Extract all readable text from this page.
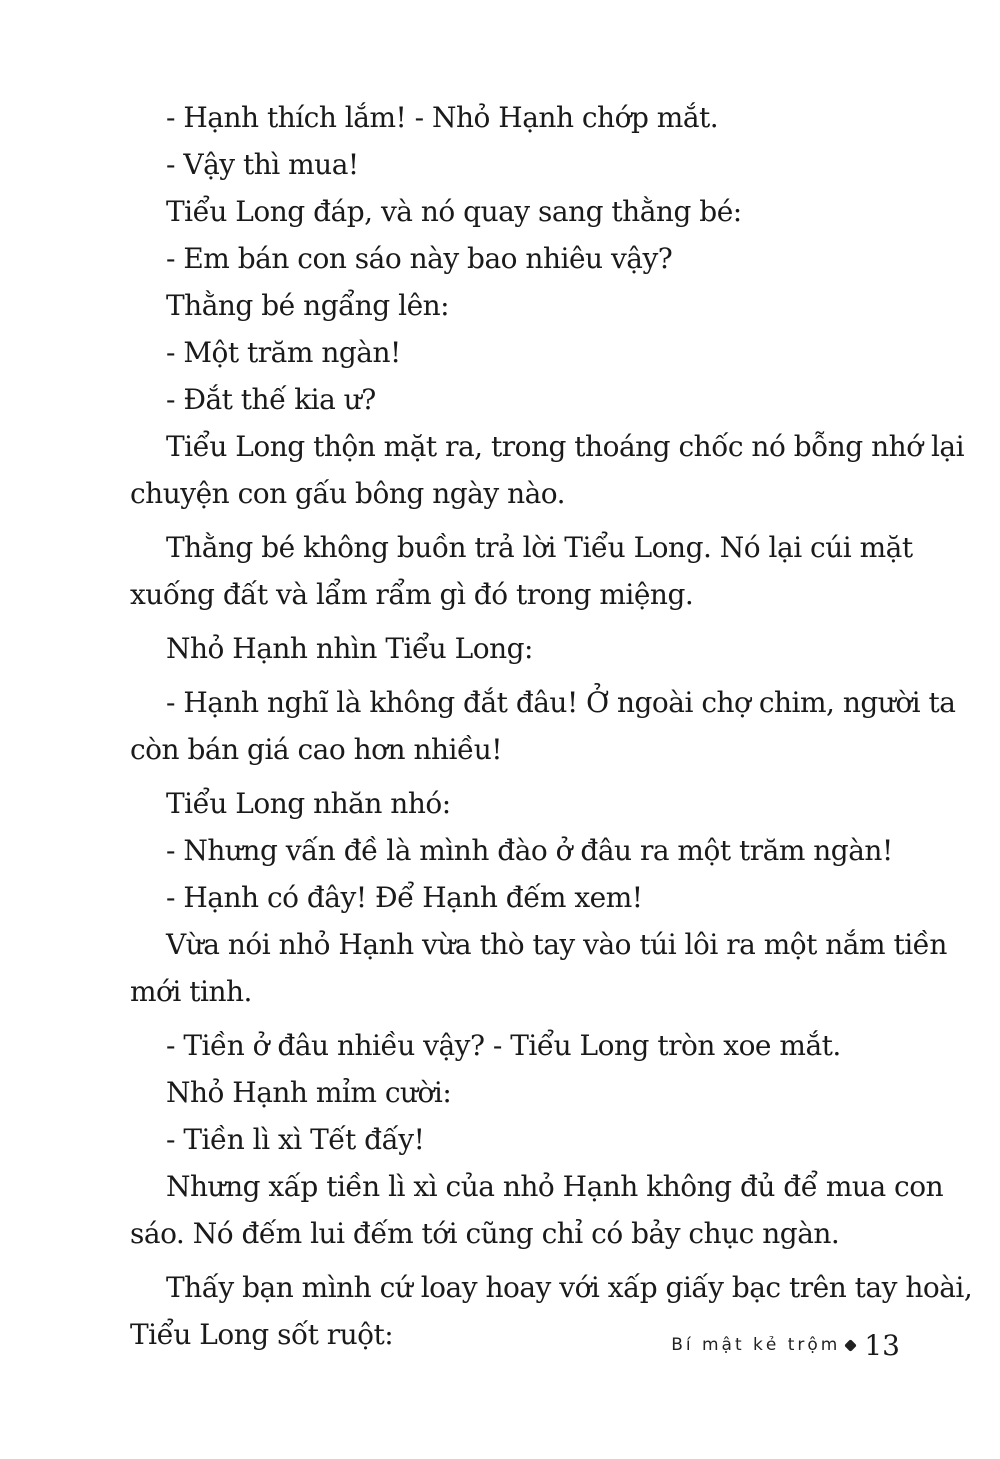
- Hạnh thích lắm! - Nhỏ Hạnh chớp mắt.
- Vậy thì mua!
Tiểu Long đáp, và nó quay sang thằng bé:
- Em bán con sáo này bao nhiêu vậy?
Thằng bé ngẩng lên:
- Một trăm ngàn!
- Đắt thế kia ư?
Tiểu Long thộn mặt ra, trong thoáng chốc nó bỗng nhớ lại
chuyện con gấu bông ngày nào.
Thằng bé không buồn trả lời Tiểu Long. Nó lại cúi mặt
xuống đất và lẩm rẩm gì đó trong miệng.
Nhỏ Hạnh nhìn Tiểu Long:
- Hạnh nghĩ là không đắt đâu! Ở ngoài chợ chim, người ta
còn bán giá cao hơn nhiều!
Tiểu Long nhăn nhó:
- Nhưng vấn đề là mình đào ở đâu ra một trăm ngàn!
- Hạnh có đây! Để Hạnh đếm xem!
Vừa nói nhỏ Hạnh vừa thò tay vào túi lôi ra một nắm tiền
mới tinh.
- Tiền ở đâu nhiều vậy? - Tiểu Long tròn xoe mắt.
Nhỏ Hạnh mỉm cười:
- Tiền lì xì Tết đấy!
Nhưng xấp tiền lì xì của nhỏ Hạnh không đủ để mua con
sáo. Nó đếm lui đếm tới cũng chỉ có bảy chục ngàn.
Thấy bạn mình cứ loay hoay với xấp giấy bạc trên tay hoài,
Tiểu Long sốt ruột:	Bí mật kẻ trộm 13
